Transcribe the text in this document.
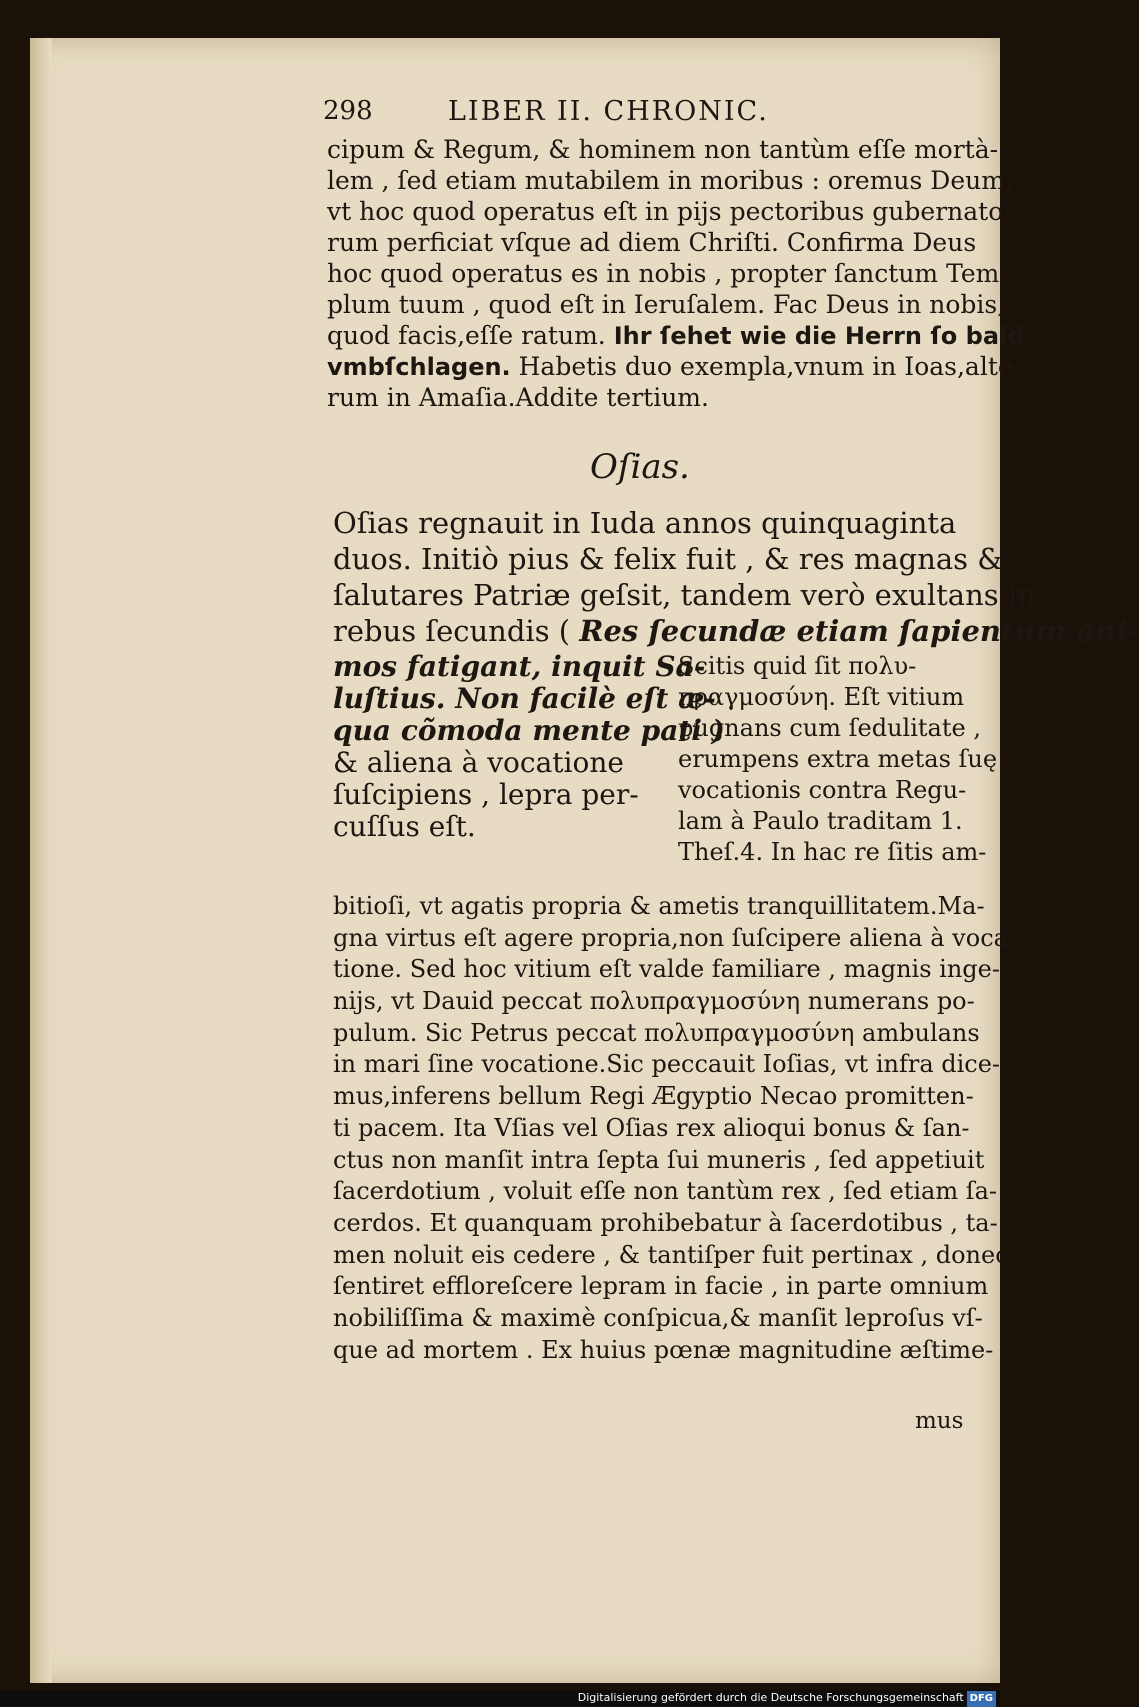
298	LIBER II. CHRONIC.
cipum & Regum, & hominem non tantùm eſſe mortà-
lem , ſed etiam mutabilem in moribus : oremus Deum,
vt hoc quod operatus eſt in pijs pectoribus gubernato-
rum perficiat vſque ad diem Chriſti. Confirma Deus
hoc quod operatus es in nobis , propter ſanctum Tem-
plum tuum , quod eſt in Ieruſalem. Fac Deus in nobis,
quod facis,eſſe ratum. Ihr ſehet wie die Herrn ſo bald
vmbſchlagen. Habetis duo exempla,vnum in Ioas,alte-
rum in Amaſia.Addite tertium.
Oſias.
Oſias regnauit in Iuda annos quinquaginta
duos. Initiò pius & felix fuit , & res magnas &
ſalutares Patriæ geſsit, tandem verò exultans in
rebus ſecundis ( Res ſecundæ etiam ſapientum ani-
mos fatigant, inquit Sa-
luſtius. Non facilè eſt æ-
qua cõmoda mente pati )
& aliena à vocatione
ſuſcipiens , lepra per-
cuſſus eſt.
Scitis quid ſit πολυ-
πραγμοσύνη. Eſt vitium
pugnans cum ſedulitate ,
erumpens extra metas ſuę
vocationis contra Regu-
lam à Paulo traditam 1.
Theſ.4. In hac re ſitis am-
bitioſi, vt agatis propria & ametis tranquillitatem.Ma-
gna virtus eſt agere propria,non ſuſcipere aliena à voca-
tione. Sed hoc vitium eſt valde familiare , magnis inge-
nijs, vt Dauid peccat πολυπραγμοσύνη numerans po-
pulum. Sic Petrus peccat πολυπραγμοσύνη ambulans
in mari ſine vocatione.Sic peccauit Ioſias, vt infra dice-
mus,inferens bellum Regi Ægyptio Necao promitten-
ti pacem. Ita Vſias vel Oſias rex alioqui bonus & ſan-
ctus non manſit intra ſepta ſui muneris , ſed appetiuit
ſacerdotium , voluit eſſe non tantùm rex , ſed etiam ſa-
cerdos. Et quanquam prohibebatur à ſacerdotibus , ta-
men noluit eis cedere , & tantiſper fuit pertinax , donec
ſentiret effloreſcere lepram in facie , in parte omnium
nobiliſſima & maximè conſpicua,& manſit leproſus vſ-
que ad mortem . Ex huius pœnæ magnitudine æſtime-
mus
Digitalisierung gefördert durch die Deutsche Forschungsgemeinschaft DFG
